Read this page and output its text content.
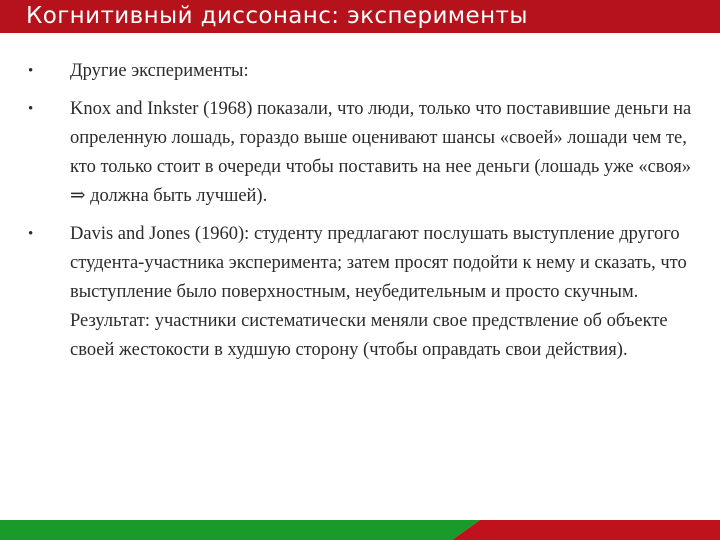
Когнитивный диссонанс: эксперименты
•	Другие эксперименты:
•	Knox and Inkster (1968) показали, что люди, только что поставившие деньги на опреленную лошадь, гораздо выше оценивают шансы «своей» лошади чем те, кто только стоит в очереди чтобы поставить на нее деньги (лошадь уже «своя» ⇒ должна быть лучшей).
•	Davis and Jones (1960): студенту предлагают послушать выступление другого студента-участника эксперимента; затем просят подойти к нему и сказать, что выступление было поверхностным, неубедительным и просто скучным. Результат: участники систематически меняли свое предствление об объекте своей жестокости в худшую сторону (чтобы оправдать свои действия).
